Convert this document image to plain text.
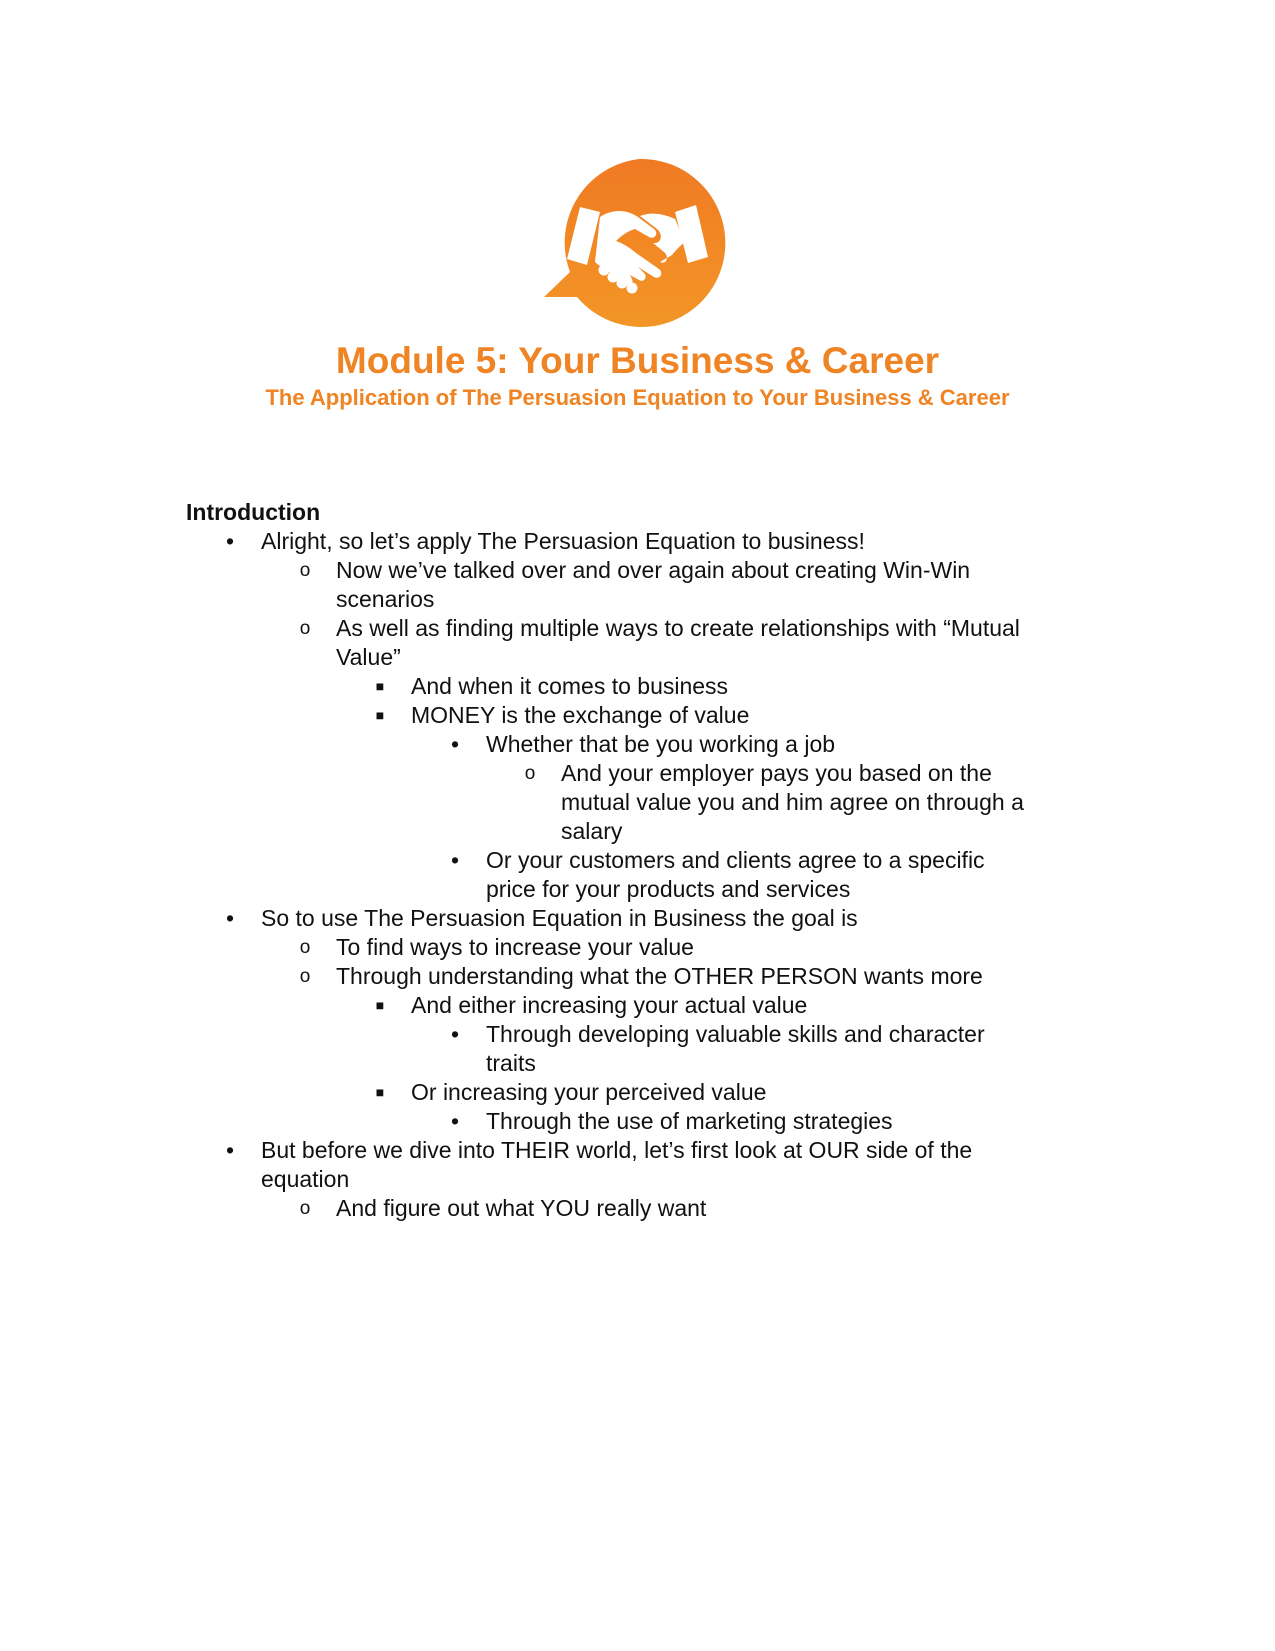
Module 5: Your Business & Career
The Application of The Persuasion Equation to Your Business & Career
Introduction
• Alright, so let’s apply The Persuasion Equation to business!
o Now we’ve talked over and over again about creating Win-Win scenarios
o As well as finding multiple ways to create relationships with “Mutual Value”
■ And when it comes to business
■ MONEY is the exchange of value
• Whether that be you working a job
o And your employer pays you based on the mutual value you and him agree on through a salary
• Or your customers and clients agree to a specific price for your products and services
• So to use The Persuasion Equation in Business the goal is
o To find ways to increase your value
o Through understanding what the OTHER PERSON wants more
■ And either increasing your actual value
• Through developing valuable skills and character traits
■ Or increasing your perceived value
• Through the use of marketing strategies
• But before we dive into THEIR world, let’s first look at OUR side of the equation
o And figure out what YOU really want
